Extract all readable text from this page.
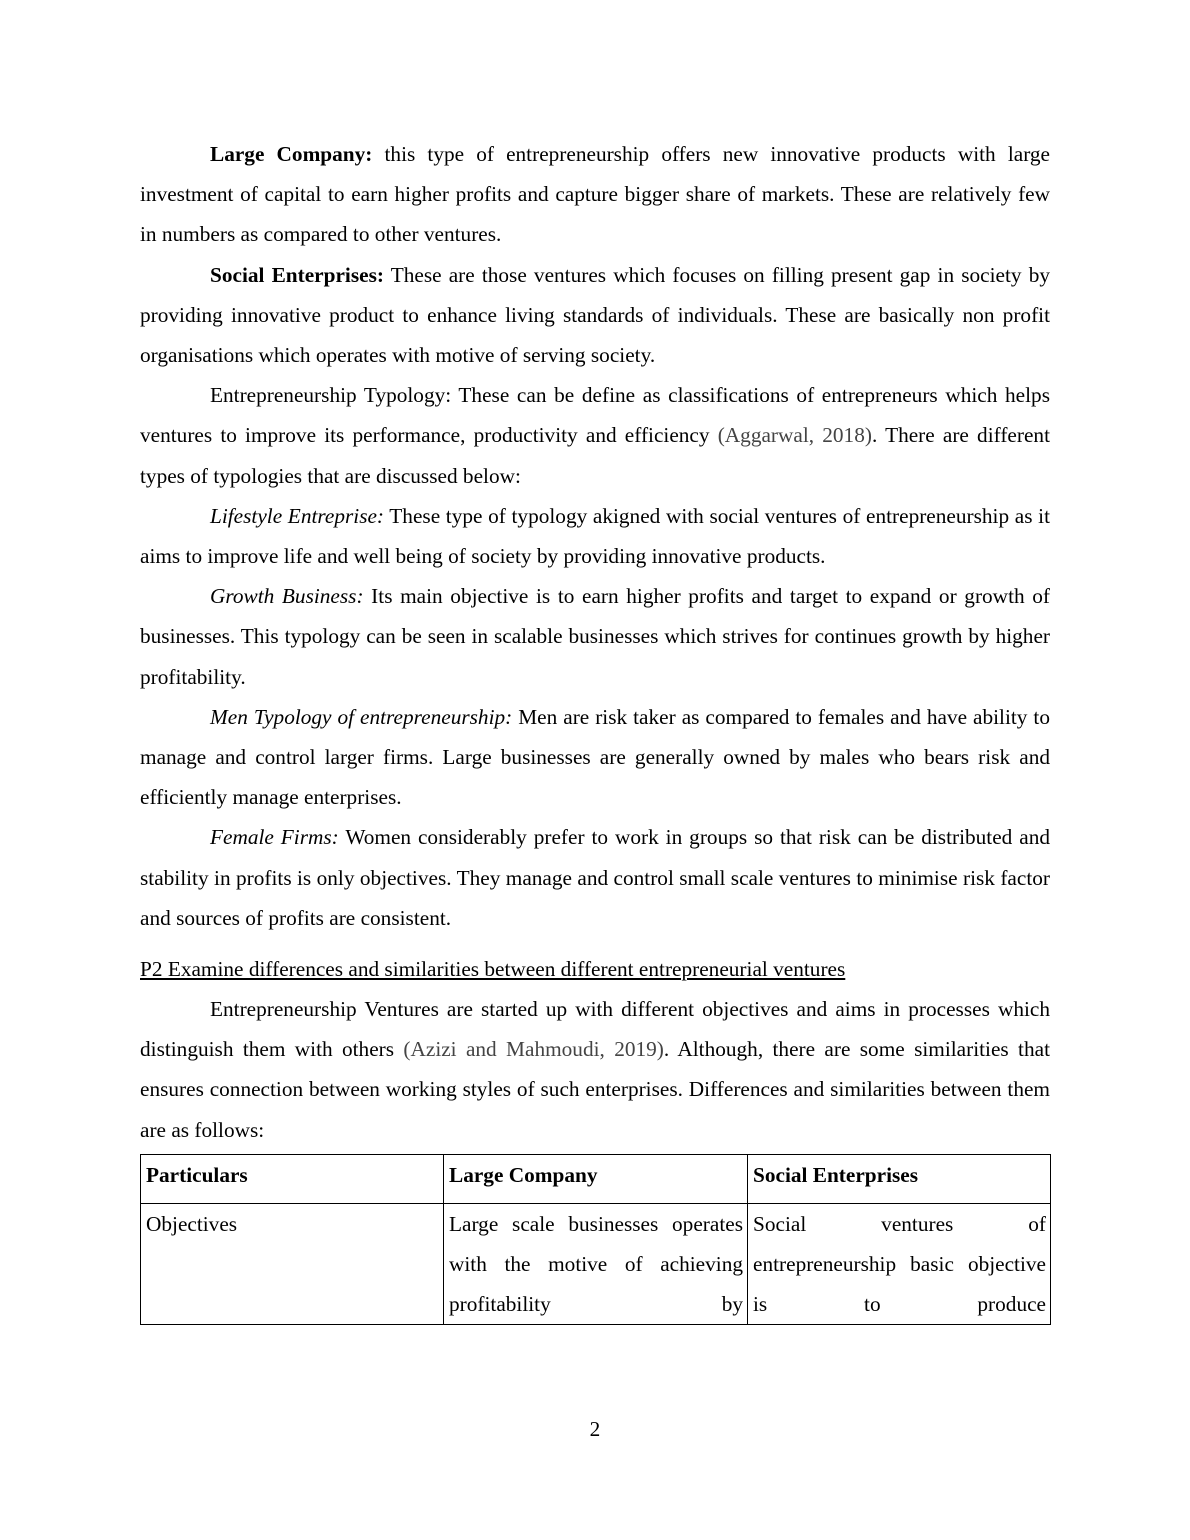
Large Company: this type of entrepreneurship offers new innovative products with large investment of capital to earn higher profits and capture bigger share of markets. These are relatively few in numbers as compared to other ventures.

Social Enterprises: These are those ventures which focuses on filling present gap in society by providing innovative product to enhance living standards of individuals. These are basically non profit organisations which operates with motive of serving society.

Entrepreneurship Typology: These can be define as classifications of entrepreneurs which helps ventures to improve its performance, productivity and efficiency (Aggarwal, 2018). There are different types of typologies that are discussed below:

Lifestyle Entreprise: These type of typology akigned with social ventures of entrepreneurship as it aims to improve life and well being of society by providing innovative products.

Growth Business: Its main objective is to earn higher profits and target to expand or growth of businesses. This typology can be seen in scalable businesses which strives for continues growth by higher profitability.

Men Typology of entrepreneurship: Men are risk taker as compared to females and have ability to manage and control larger firms. Large businesses are generally owned by males who bears risk and efficiently manage enterprises.

Female Firms: Women considerably prefer to work in groups so that risk can be distributed and stability in profits is only objectives. They manage and control small scale ventures to minimise risk factor and sources of profits are consistent.

P2 Examine differences and similarities between different entrepreneurial ventures

Entrepreneurship Ventures are started up with different objectives and aims in processes which distinguish them with others (Azizi and Mahmoudi, 2019). Although, there are some similarities that ensures connection between working styles of such enterprises. Differences and similarities between them are as follows:

Particulars	Large Company	Social Enterprises
Objectives	Large scale businesses operates with the motive of achieving profitability by	Social ventures of entrepreneurship basic objective is to produce
2
